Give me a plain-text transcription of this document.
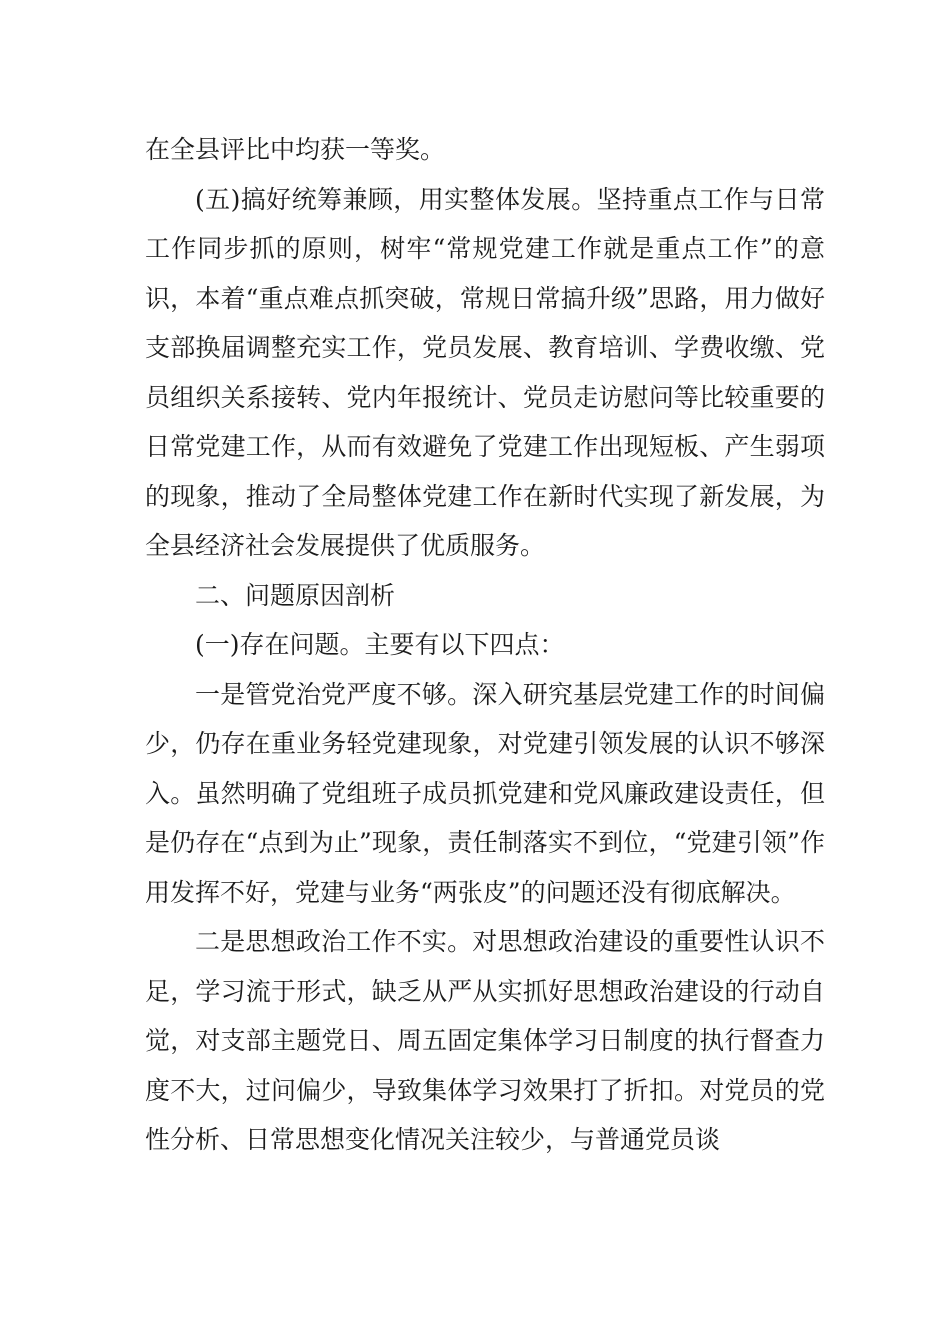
在全县评比中均获一等奖。

(五)搞好统筹兼顾，用实整体发展。坚持重点工作与日常工作同步抓的原则，树牢“常规党建工作就是重点工作”的意识，本着“重点难点抓突破，常规日常搞升级”思路，用力做好支部换届调整充实工作，党员发展、教育培训、学费收缴、党员组织关系接转、党内年报统计、党员走访慰问等比较重要的日常党建工作，从而有效避免了党建工作出现短板、产生弱项的现象，推动了全局整体党建工作在新时代实现了新发展，为全县经济社会发展提供了优质服务。

二、问题原因剖析

(一)存在问题。主要有以下四点：

一是管党治党严度不够。深入研究基层党建工作的时间偏少，仍存在重业务轻党建现象，对党建引领发展的认识不够深入。虽然明确了党组班子成员抓党建和党风廉政建设责任，但是仍存在“点到为止”现象，责任制落实不到位，“党建引领”作用发挥不好，党建与业务“两张皮”的问题还没有彻底解决。

二是思想政治工作不实。对思想政治建设的重要性认识不足，学习流于形式，缺乏从严从实抓好思想政治建设的行动自觉，对支部主题党日、周五固定集体学习日制度的执行督查力度不大，过问偏少，导致集体学习效果打了折扣。对党员的党性分析、日常思想变化情况关注较少，与普通党员谈
